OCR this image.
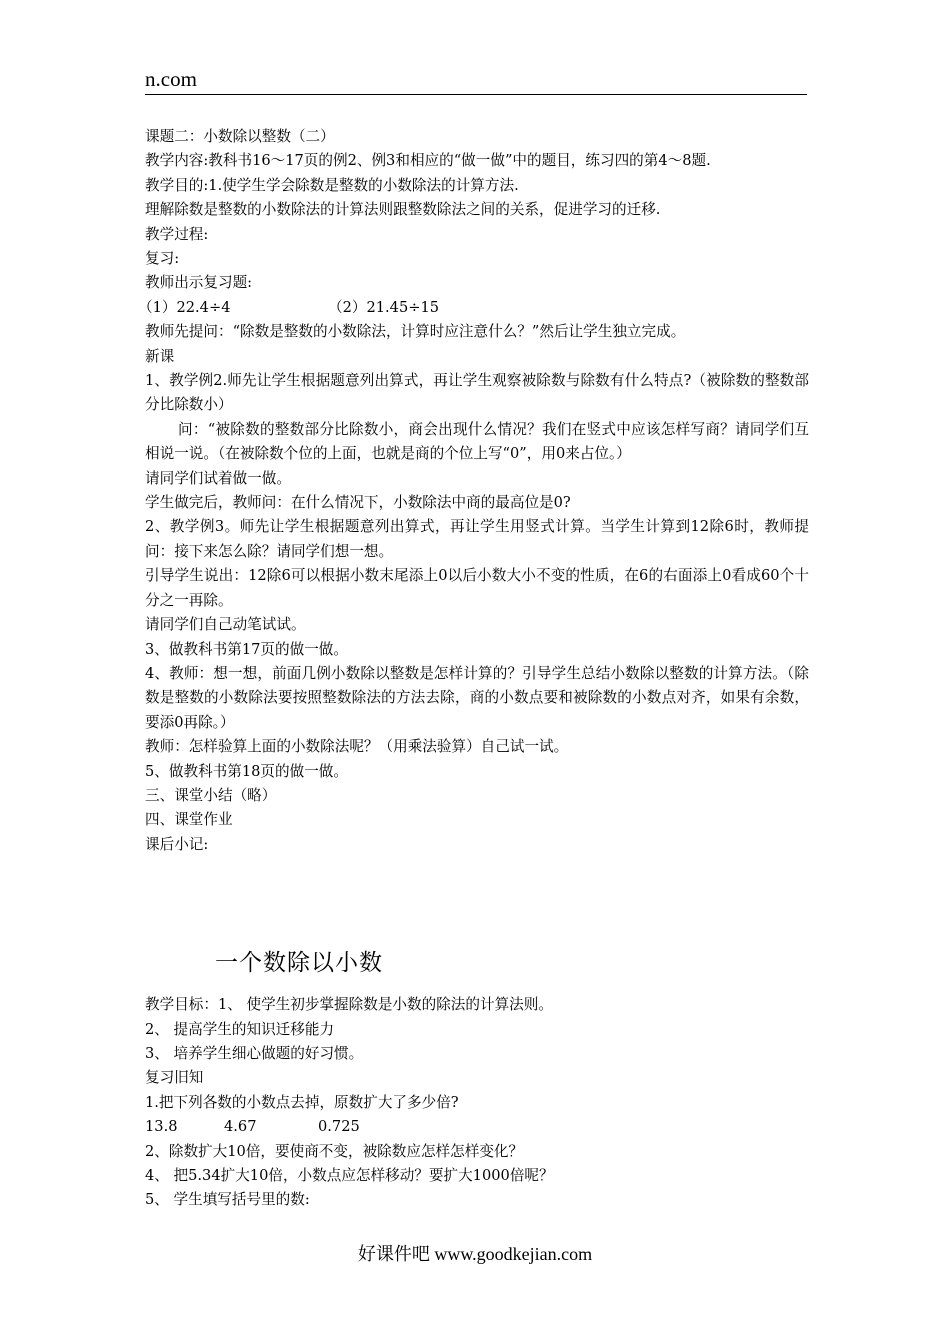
n.com

课题二：小数除以整数（二）

教学内容:教科书16～17页的例2、例3和相应的“做一做”中的题目，练习四的第4～8题.

教学目的:1.使学生学会除数是整数的小数除法的计算方法.

理解除数是整数的小数除法的计算法则跟整数除法之间的关系，促进学习的迁移.

教学过程:

复习:

教师出示复习题:

（1）22.4÷4	（2）21.45÷15

教师先提问：“除数是整数的小数除法，计算时应注意什么？”然后让学生独立完成。

新课

1、教学例2.师先让学生根据题意列出算式，再让学生观察被除数与除数有什么特点?（被除数的整数部分比除数小）

问：“被除数的整数部分比除数小，商会出现什么情况？我们在竖式中应该怎样写商？请同学们互相说一说。（在被除数个位的上面，也就是商的个位上写“0”，用0来占位。）

请同学们试着做一做。

学生做完后，教师问：在什么情况下，小数除法中商的最高位是0?

2、教学例3。师先让学生根据题意列出算式，再让学生用竖式计算。当学生计算到12除6时，教师提问：接下来怎么除？请同学们想一想。

引导学生说出：12除6可以根据小数末尾添上0以后小数大小不变的性质，在6的右面添上0看成60个十分之一再除。

请同学们自己动笔试试。

3、做教科书第17页的做一做。

4、教师：想一想，前面几例小数除以整数是怎样计算的？引导学生总结小数除以整数的计算方法。（除数是整数的小数除法要按照整数除法的方法去除，商的小数点要和被除数的小数点对齐，如果有余数，要添0再除。）

教师：怎样验算上面的小数除法呢？（用乘法验算）自己试一试。

5、做教科书第18页的做一做。

三、课堂小结（略）

四、课堂作业

课后小记:

一个数除以小数

教学目标：1、 使学生初步掌握除数是小数的除法的计算法则。

2、 提高学生的知识迁移能力

3、 培养学生细心做题的好习惯。

复习旧知

1.把下列各数的小数点去掉，原数扩大了多少倍?

13.8	4.67	0.725

2、除数扩大10倍，要使商不变，被除数应怎样怎样变化？

4、 把5.34扩大10倍，小数点应怎样移动？要扩大1000倍呢？

5、 学生填写括号里的数:

好课件吧 www.goodkejian.com
